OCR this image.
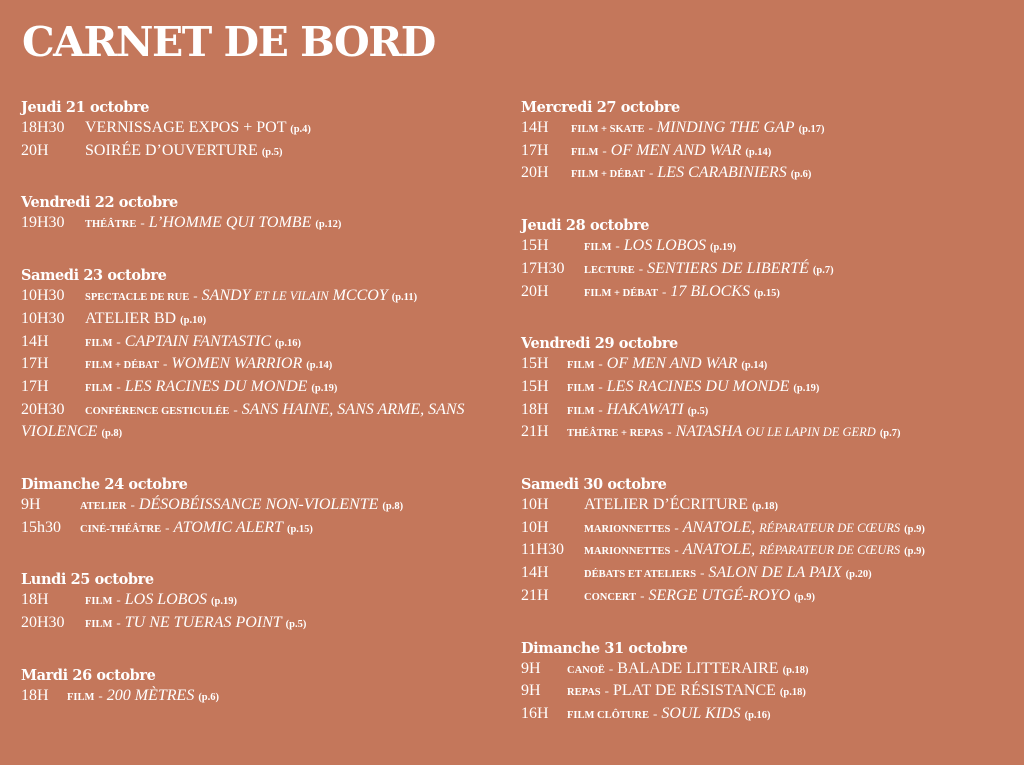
CARNET DE BORD
Jeudi 21 octobre
18H30 VERNISSAGE EXPOS + POT (p.4)
20H SOIRÉE D’OUVERTURE (p.5)
Vendredi 22 octobre
19H30 THÉÂTRE - L’HOMME QUI TOMBE (p.12)
Samedi 23 octobre
10H30 SPECTACLE DE RUE - SANDY ET LE VILAIN MCCOY (p.11)
10H30 ATELIER BD (p.10)
14H	FILM - CAPTAIN FANTASTIC (p.16)
17H	FILM + DÉBAT - WOMEN WARRIOR (p.14)
17H	FILM - LES RACINES DU MONDE (p.19)
20H30 CONFÉRENCE GESTICULÉE - SANS HAINE, SANS ARME, SANS VIOLENCE (p.8)
Dimanche 24 octobre
9H	ATELIER - DÉSOBÉISSANCE NON-VIOLENTE (p.8)
15h30 CINÉ-THÉÂTRE - ATOMIC ALERT (p.15)
Lundi 25 octobre
18H	FILM - LOS LOBOS (p.19)
20H30 FILM - TU NE TUERAS POINT (p.5)
Mardi 26 octobre
18H FILM - 200 MÈTRES (p.6)
Mercredi 27 octobre
14H FILM + SKATE - MINDING THE GAP (p.17)
17H FILM - OF MEN AND WAR (p.14)
20H FILM + DÉBAT - LES CARABINIERS (p.6)
Jeudi 28 octobre
15H	FILM - LOS LOBOS (p.19)
17H30 LECTURE - SENTIERS DE LIBERTÉ (p.7)
20H	FILM + DÉBAT - 17 BLOCKS (p.15)
Vendredi 29 octobre
15H FILM - OF MEN AND WAR (p.14)
15H FILM - LES RACINES DU MONDE (p.19)
18H FILM - HAKAWATI (p.5)
21H THÉÂTRE + REPAS - NATASHA OU LE LAPIN DE GERD (p.7)
Samedi 30 octobre
10H ATELIER D’ÉCRITURE (p.18)
10H	MARIONNETTES - ANATOLE, RÉPARATEUR DE CŒURS (p.9)
11H30 MARIONNETTES - ANATOLE, RÉPARATEUR DE CŒURS (p.9)
14H	DÉBATS ET ATELIERS - SALON DE LA PAIX (p.20)
21H	CONCERT - SERGE UTGÉ-ROYO (p.9)
Dimanche 31 octobre
9H	CANOË - BALADE LITTERAIRE (p.18)
9H	REPAS - PLAT DE RÉSISTANCE (p.18)
16H FILM CLÔTURE - SOUL KIDS (p.16)
